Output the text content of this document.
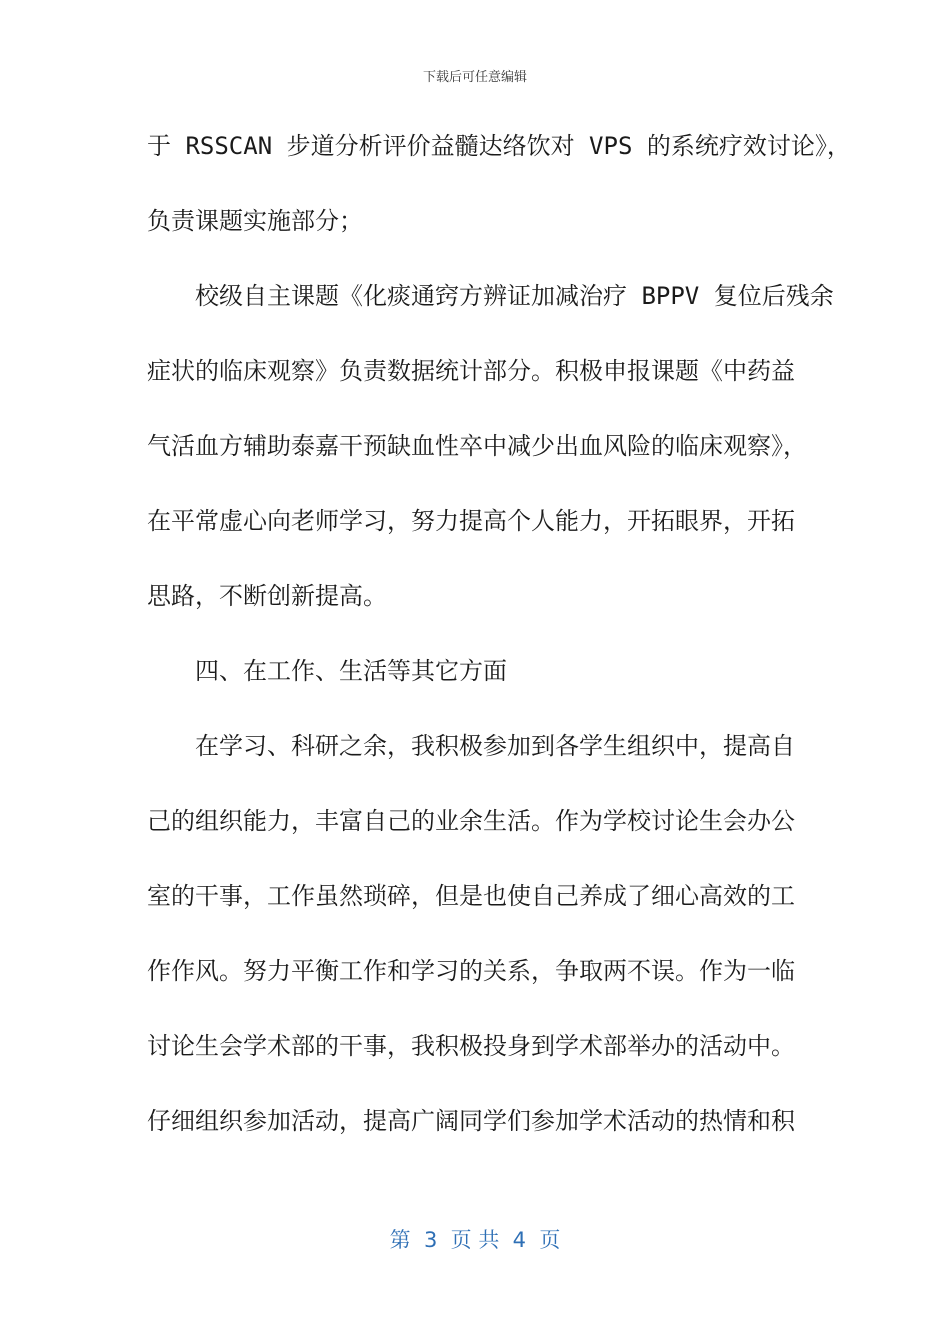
下载后可任意编辑
于 RSSCAN 步道分析评价益髓达络饮对 VPS 的系统疗效讨论》，
负责课题实施部分；
校级自主课题《化痰通窍方辨证加减治疗 BPPV 复位后残余
症状的临床观察》负责数据统计部分。积极申报课题《中药益
气活血方辅助泰嘉干预缺血性卒中减少出血风险的临床观察》，
在平常虚心向老师学习，努力提高个人能力，开拓眼界，开拓
思路，不断创新提高。
四、在工作、生活等其它方面
在学习、科研之余，我积极参加到各学生组织中，提高自
己的组织能力，丰富自己的业余生活。作为学校讨论生会办公
室的干事，工作虽然琐碎，但是也使自己养成了细心高效的工
作作风。努力平衡工作和学习的关系，争取两不误。作为一临
讨论生会学术部的干事，我积极投身到学术部举办的活动中。
仔细组织参加活动，提高广阔同学们参加学术活动的热情和积
第  3  页 共  4  页
